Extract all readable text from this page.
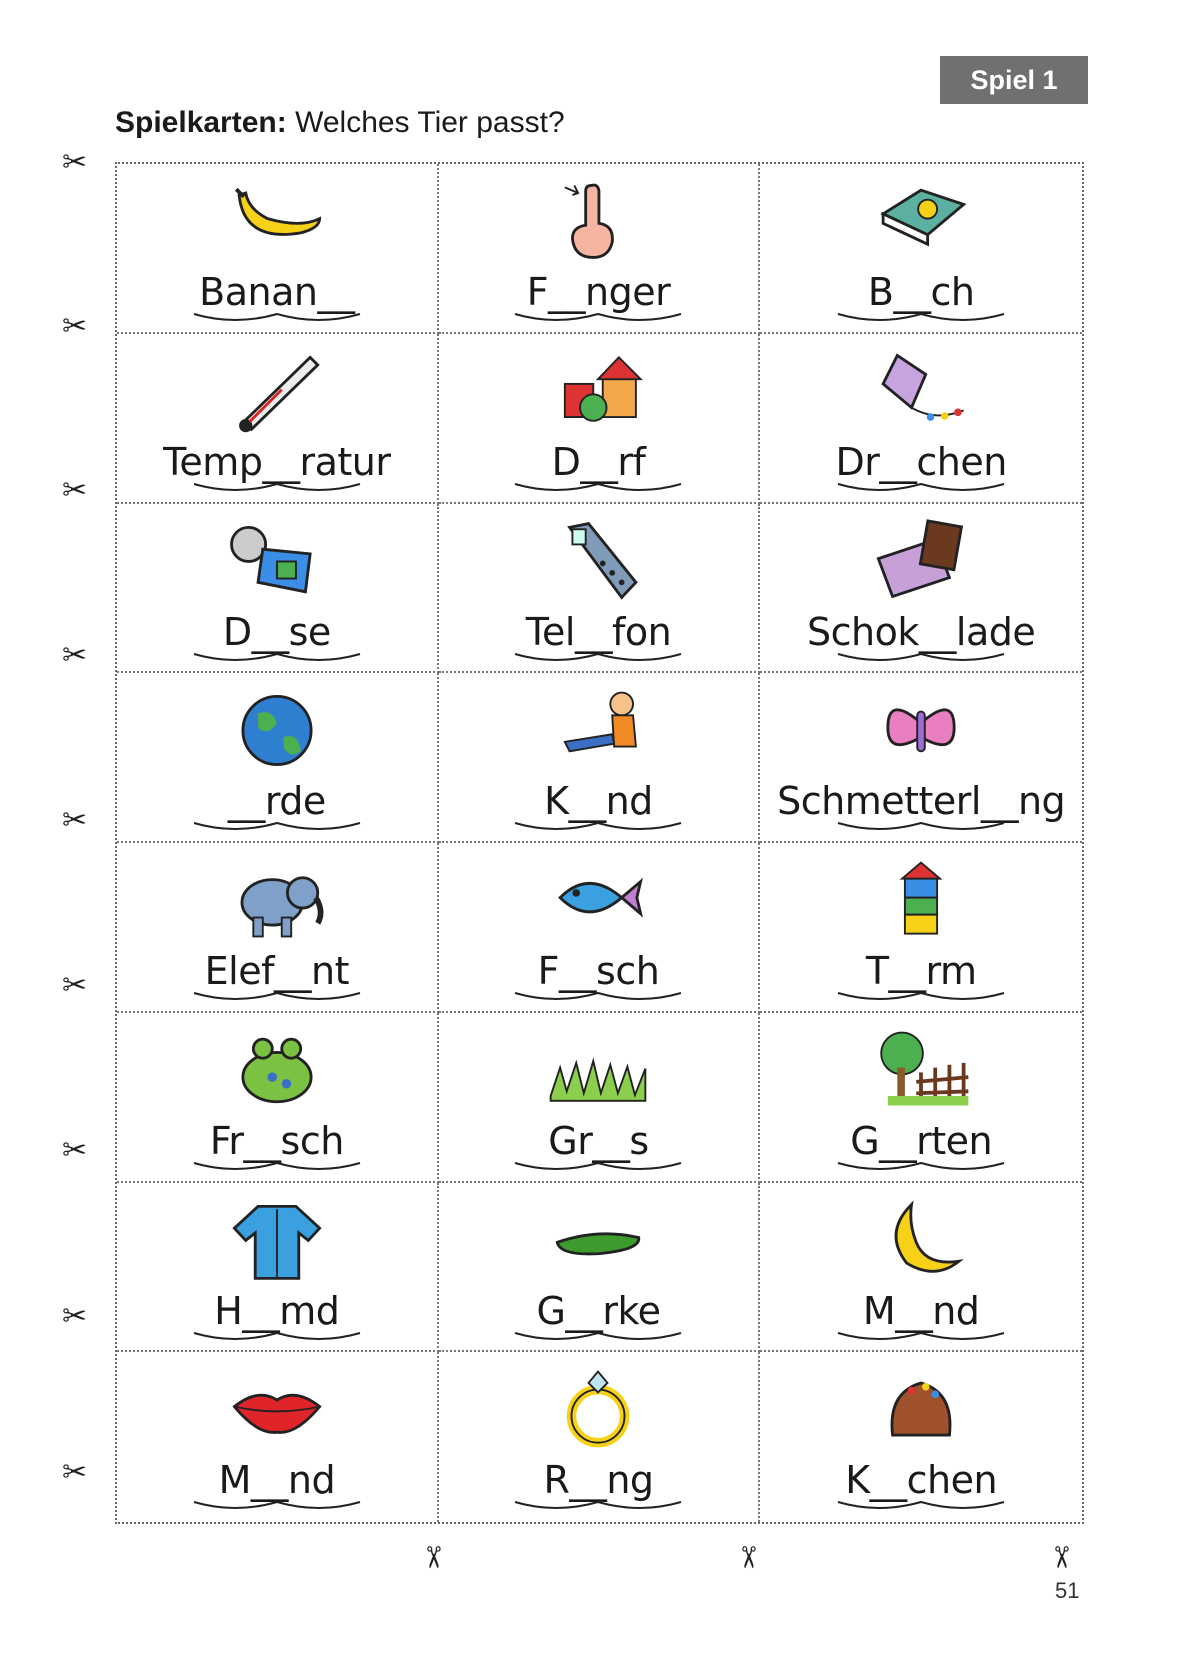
Spiel 1
Spielkarten: Welches Tier passt?
Banan__	F__nger	B__ch
Temp__ratur	D__rf	Dr__chen
D__se	Tel__fon	Schok__lade
__rde	K__nd	Schmetterl__ng
Elef__nt	F__sch	T__rm
Fr__sch	Gr__s	G__rten
H__md	G__rke	M__nd
M__nd	R__ng	K__chen
✂
✂
✂
✂
✂
✂
✂
✂
✂
✂	✂	✂
51
